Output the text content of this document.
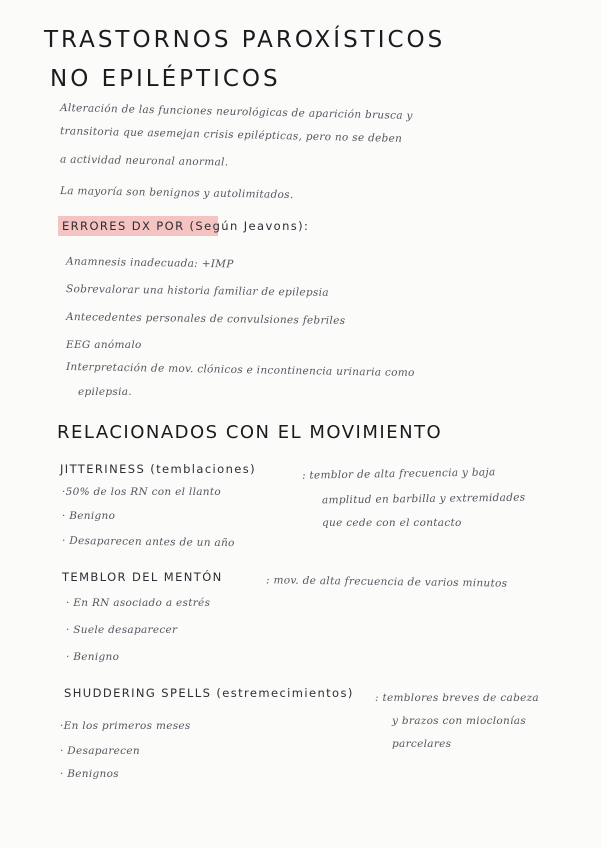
TRASTORNOS PAROXÍSTICOS
NO EPILÉPTICOS
Alteración de las funciones neurológicas de aparición brusca y
transitoria que asemejan crisis epilépticas, pero no se deben
a actividad neuronal anormal.
La mayoría son benignos y autolimitados.
ERRORES DX POR (Según Jeavons):
Anamnesis inadecuada: +IMP
Sobrevalorar una historia familiar de epilepsia
Antecedentes personales de convulsiones febriles
EEG anómalo
Interpretación de mov. clónicos e incontinencia urinaria como
epilepsia.
RELACIONADOS CON EL MOVIMIENTO
JITTERINESS (temblaciones)	: temblor de alta frecuencia y baja
amplitud en barbilla y extremidades
que cede con el contacto
·50% de los RN con el llanto
· Benigno
· Desaparecen antes de un año
TEMBLOR DEL MENTÓN	: mov. de alta frecuencia de varios minutos
· En RN asociado a estrés
· Suele desaparecer
· Benigno
SHUDDERING SPELLS (estremecimientos) : temblores breves de cabeza
y brazos con mioclonías
parcelares
·En los primeros meses
· Desaparecen
· Benignos
